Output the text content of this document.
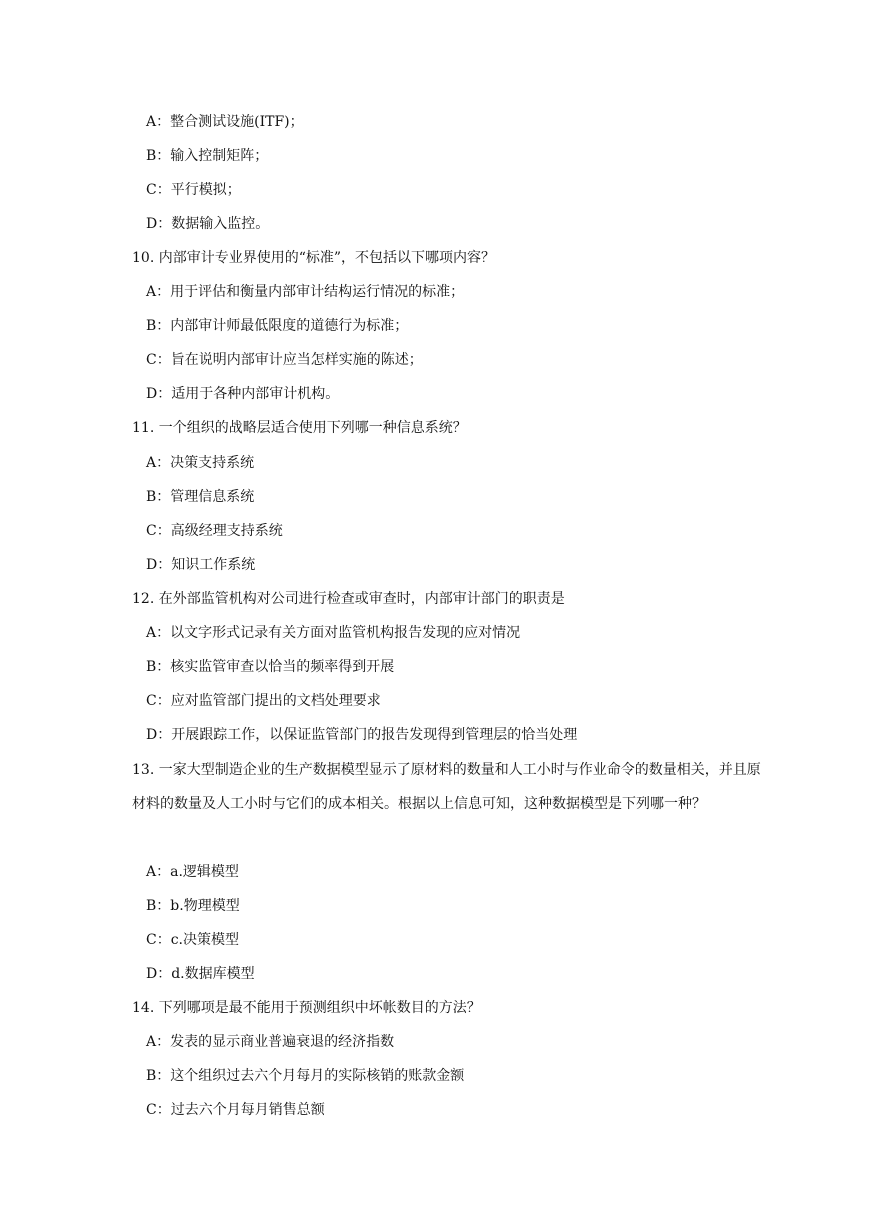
A：整合测试设施(ITF)；
B：输入控制矩阵；
C：平行模拟；
D：数据输入监控。
10. 内部审计专业界使用的“标准”，不包括以下哪项内容？
A：用于评估和衡量内部审计结构运行情况的标准；
B：内部审计师最低限度的道德行为标准；
C：旨在说明内部审计应当怎样实施的陈述；
D：适用于各种内部审计机构。
11. 一个组织的战略层适合使用下列哪一种信息系统？
A：决策支持系统
B：管理信息系统
C：高级经理支持系统
D：知识工作系统
12. 在外部监管机构对公司进行检查或审查时，内部审计部门的职责是
A：以文字形式记录有关方面对监管机构报告发现的应对情况
B：核实监管审查以恰当的频率得到开展
C：应对监管部门提出的文档处理要求
D：开展跟踪工作，以保证监管部门的报告发现得到管理层的恰当处理
13. 一家大型制造企业的生产数据模型显示了原材料的数量和人工小时与作业命令的数量相关，并且原材料的数量及人工小时与它们的成本相关。根据以上信息可知，这种数据模型是下列哪一种？
A：a.逻辑模型
B：b.物理模型
C：c.决策模型
D：d.数据库模型
14. 下列哪项是最不能用于预测组织中坏帐数目的方法？
A：发表的显示商业普遍衰退的经济指数
B：这个组织过去六个月每月的实际核销的账款金额
C：过去六个月每月销售总额
